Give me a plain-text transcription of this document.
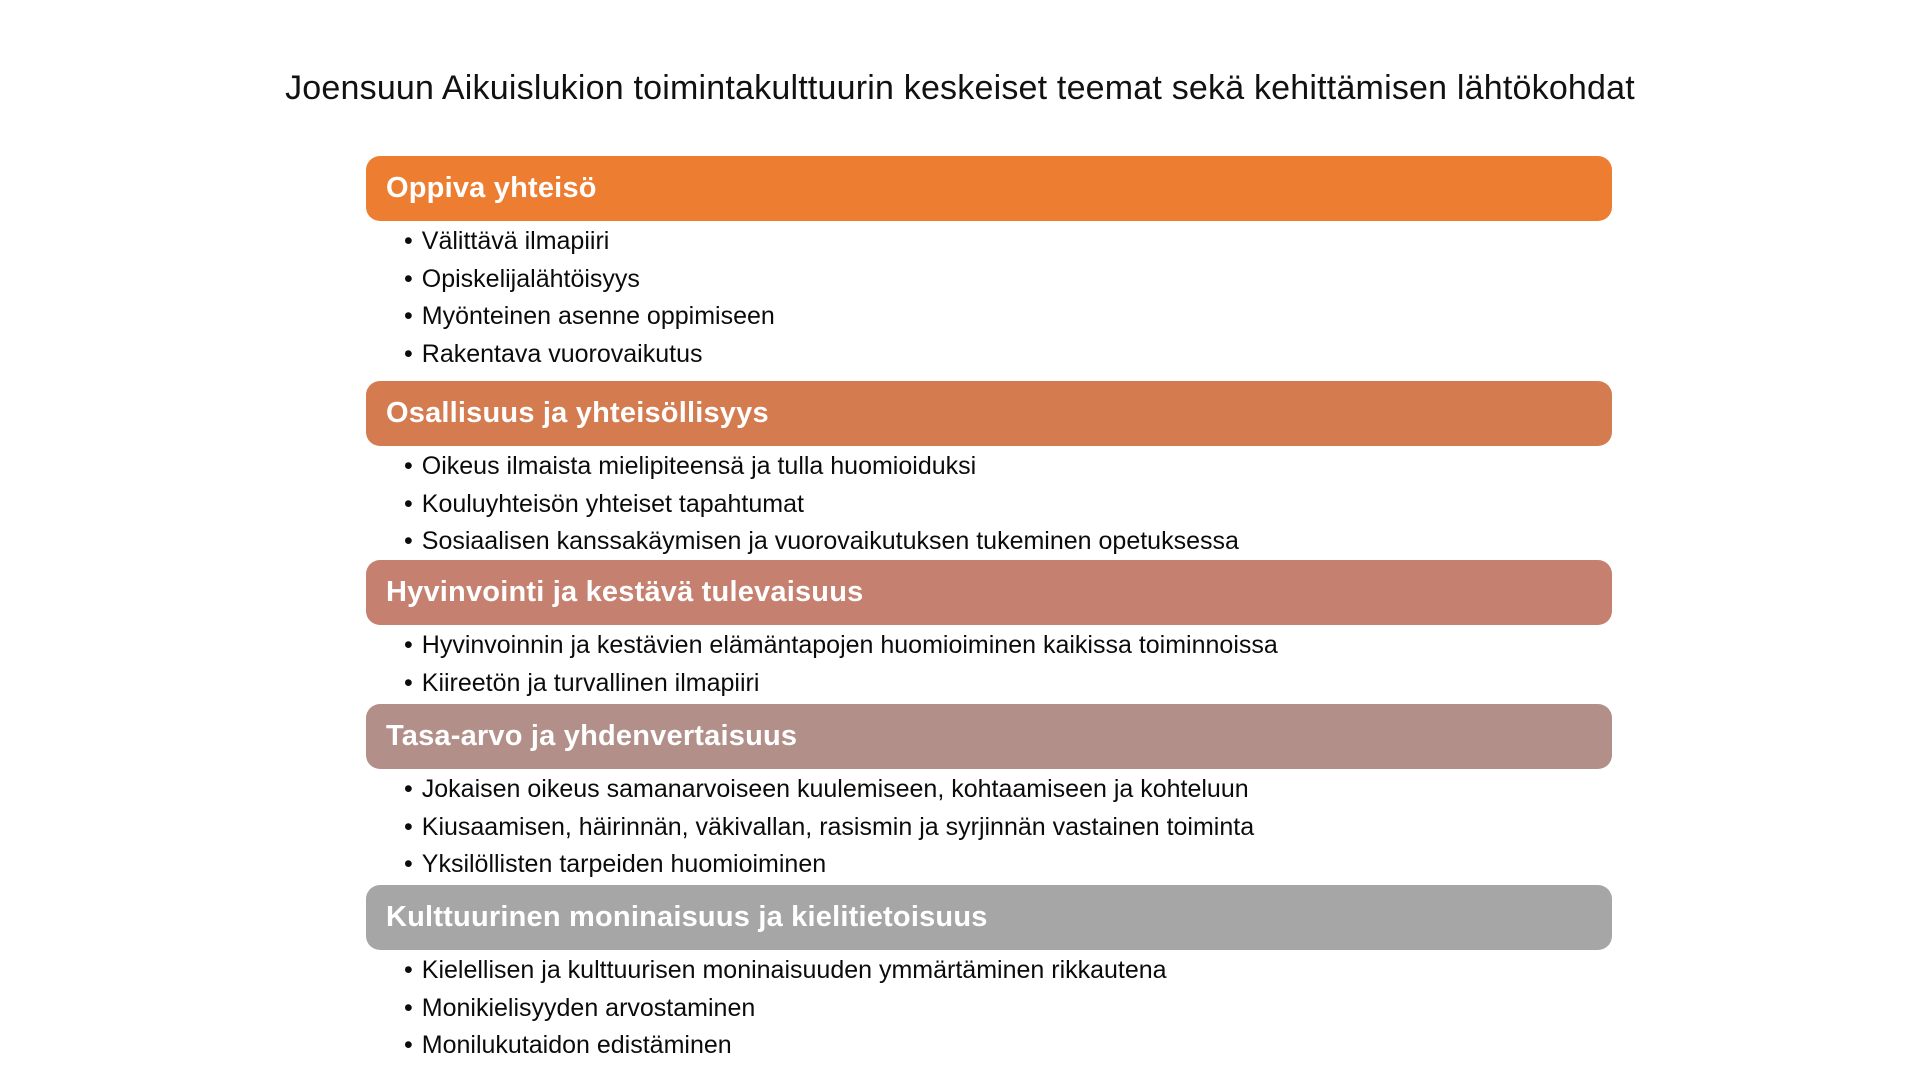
Joensuun Aikuislukion toimintakulttuurin keskeiset teemat sekä kehittämisen lähtökohdat
Oppiva yhteisö
• Välittävä ilmapiiri
• Opiskelijalähtöisyys
• Myönteinen asenne oppimiseen
• Rakentava vuorovaikutus
Osallisuus ja yhteisöllisyys
• Oikeus ilmaista mielipiteensä ja tulla huomioiduksi
• Kouluyhteisön yhteiset tapahtumat
• Sosiaalisen kanssakäymisen ja vuorovaikutuksen tukeminen opetuksessa
Hyvinvointi ja kestävä tulevaisuus
• Hyvinvoinnin ja kestävien elämäntapojen huomioiminen kaikissa toiminnoissa
• Kiireetön ja turvallinen ilmapiiri
Tasa-arvo ja yhdenvertaisuus
• Jokaisen oikeus samanarvoiseen kuulemiseen, kohtaamiseen ja kohteluun
• Kiusaamisen, häirinnän, väkivallan, rasismin ja syrjinnän vastainen toiminta
• Yksilöllisten tarpeiden huomioiminen
Kulttuurinen moninaisuus ja kielitietoisuus
• Kielellisen ja kulttuurisen moninaisuuden ymmärtäminen rikkautena
• Monikielisyyden arvostaminen
• Monilukutaidon edistäminen
